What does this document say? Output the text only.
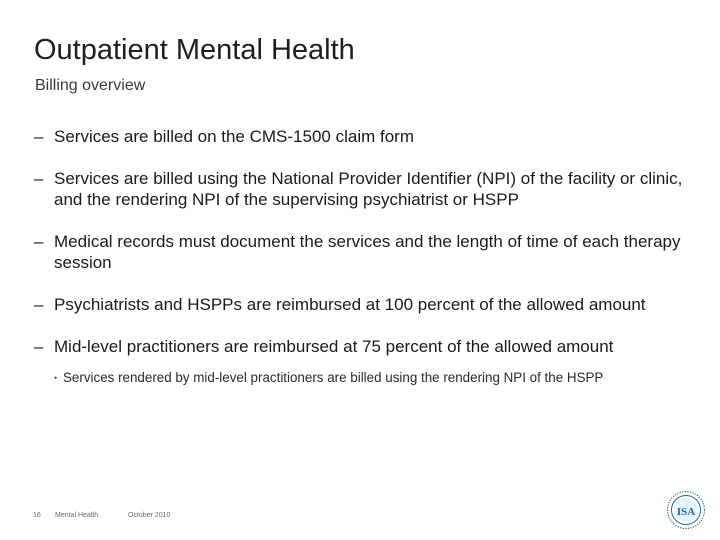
Outpatient Mental Health
Billing overview
– Services are billed on the CMS-1500 claim form
– Services are billed using the National Provider Identifier (NPI) of the facility or clinic, and the rendering NPI of the supervising psychiatrist or HSPP
– Medical records must document the services and the length of time of each therapy session
– Psychiatrists and HSPPs are reimbursed at 100 percent of the allowed amount
– Mid-level practitioners are reimbursed at 75 percent of the allowed amount
• Services rendered by mid-level practitioners are billed using the rendering NPI of the HSPP
16 Mental Health	October 2010	ISA
